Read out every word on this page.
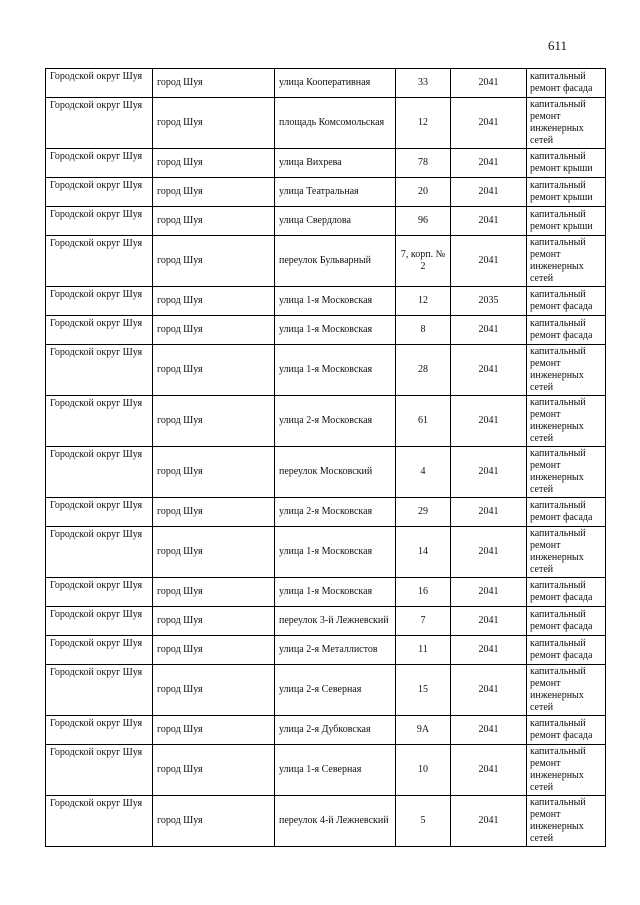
611
Городской округ Шуя	город Шуя	улица Кооперативная	33	2041	капитальный ремонт фасада
Городской округ Шуя	город Шуя	площадь Комсомольская	12	2041	капитальный ремонт инженерных сетей
Городской округ Шуя	город Шуя	улица Вихрева	78	2041	капитальный ремонт крыши
Городской округ Шуя	город Шуя	улица Театральная	20	2041	капитальный ремонт крыши
Городской округ Шуя	город Шуя	улица Свердлова	96	2041	капитальный ремонт крыши
Городской округ Шуя	город Шуя	переулок Бульварный	7, корп. № 2	2041	капитальный ремонт инженерных сетей
Городской округ Шуя	город Шуя	улица 1-я Московская	12	2035	капитальный ремонт фасада
Городской округ Шуя	город Шуя	улица 1-я Московская	8	2041	капитальный ремонт фасада
Городской округ Шуя	город Шуя	улица 1-я Московская	28	2041	капитальный ремонт инженерных сетей
Городской округ Шуя	город Шуя	улица 2-я Московская	61	2041	капитальный ремонт инженерных сетей
Городской округ Шуя	город Шуя	переулок Московский	4	2041	капитальный ремонт инженерных сетей
Городской округ Шуя	город Шуя	улица 2-я Московская	29	2041	капитальный ремонт фасада
Городской округ Шуя	город Шуя	улица 1-я Московская	14	2041	капитальный ремонт инженерных сетей
Городской округ Шуя	город Шуя	улица 1-я Московская	16	2041	капитальный ремонт фасада
Городской округ Шуя	город Шуя	переулок 3-й Лежневский	7	2041	капитальный ремонт фасада
Городской округ Шуя	город Шуя	улица 2-я Металлистов	11	2041	капитальный ремонт фасада
Городской округ Шуя	город Шуя	улица 2-я Северная	15	2041	капитальный ремонт инженерных сетей
Городской округ Шуя	город Шуя	улица 2-я Дубковская	9А	2041	капитальный ремонт фасада
Городской округ Шуя	город Шуя	улица 1-я Северная	10	2041	капитальный ремонт инженерных сетей
Городской округ Шуя	город Шуя	переулок 4-й Лежневский	5	2041	капитальный ремонт инженерных сетей
